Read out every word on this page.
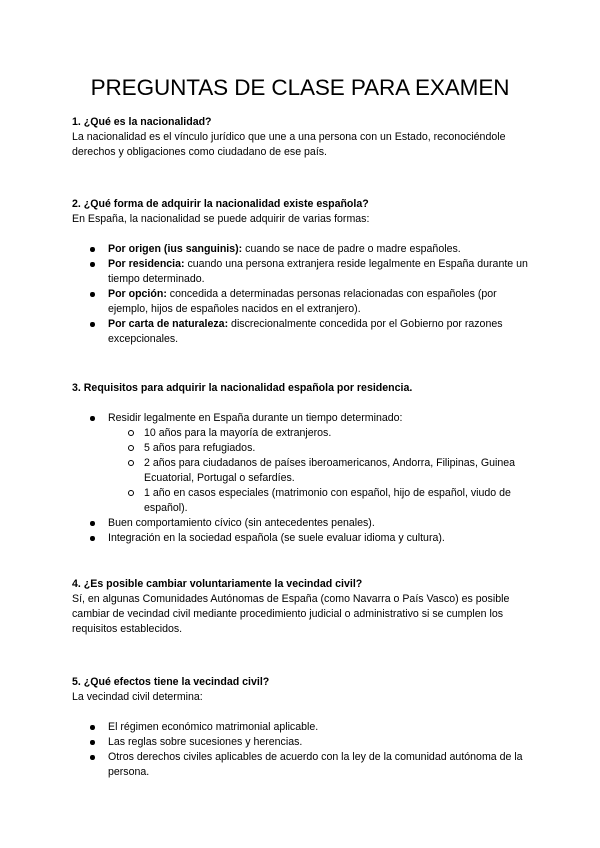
PREGUNTAS DE CLASE PARA EXAMEN

1. ¿Qué es la nacionalidad?

La nacionalidad es el vínculo jurídico que une a una persona con un Estado, reconociéndole derechos y obligaciones como ciudadano de ese país.

2. ¿Qué forma de adquirir la nacionalidad existe española?

En España, la nacionalidad se puede adquirir de varias formas:

Por origen (ius sanguinis): cuando se nace de padre o madre españoles.
Por residencia: cuando una persona extranjera reside legalmente en España durante un tiempo determinado.
Por opción: concedida a determinadas personas relacionadas con españoles (por ejemplo, hijos de españoles nacidos en el extranjero).
Por carta de naturaleza: discrecionalmente concedida por el Gobierno por razones excepcionales.

3. Requisitos para adquirir la nacionalidad española por residencia.

Residir legalmente en España durante un tiempo determinado:
10 años para la mayoría de extranjeros.
5 años para refugiados.
2 años para ciudadanos de países iberoamericanos, Andorra, Filipinas, Guinea Ecuatorial, Portugal o sefardíes.
1 año en casos especiales (matrimonio con español, hijo de español, viudo de español).
Buen comportamiento cívico (sin antecedentes penales).
Integración en la sociedad española (se suele evaluar idioma y cultura).

4. ¿Es posible cambiar voluntariamente la vecindad civil?

Sí, en algunas Comunidades Autónomas de España (como Navarra o País Vasco) es posible cambiar de vecindad civil mediante procedimiento judicial o administrativo si se cumplen los requisitos establecidos.

5. ¿Qué efectos tiene la vecindad civil?

La vecindad civil determina:

El régimen económico matrimonial aplicable.
Las reglas sobre sucesiones y herencias.
Otros derechos civiles aplicables de acuerdo con la ley de la comunidad autónoma de la persona.
